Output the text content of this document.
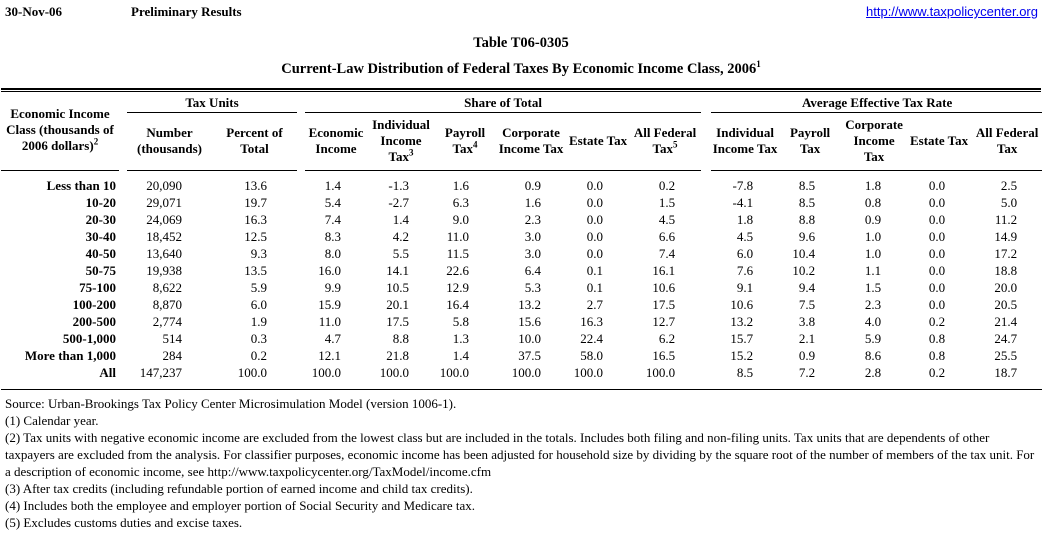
30-Nov-06	Preliminary Results	http://www.taxpolicycenter.org
Table T06-0305
Current-Law Distribution of Federal Taxes By Economic Income Class, 2006$^1$
Economic Income Class (thousands of 2006 dollars)$^2$		Tax Units			Share of Total							Average Effective Tax Rate				
		Number (thousands)	Percent of Total		Economic Income	Individual Income Tax$^3$	Payroll Tax$^4$	Corporate Income Tax	Estate Tax	All Federal Tax$^5$		Individual Income Tax	Payroll Tax	Corporate Income Tax	Estate Tax	All Federal Tax
Less than 10		20,090	13.6		1.4	-1.3	1.6	0.9	0.0	0.2		-7.8	8.5	1.8	0.0	2.5
10-20		29,071	19.7		5.4	-2.7	6.3	1.6	0.0	1.5		-4.1	8.5	0.8	0.0	5.0
20-30		24,069	16.3		7.4	1.4	9.0	2.3	0.0	4.5		1.8	8.8	0.9	0.0	11.2
30-40		18,452	12.5		8.3	4.2	11.0	3.0	0.0	6.6		4.5	9.6	1.0	0.0	14.9
40-50		13,640	9.3		8.0	5.5	11.5	3.0	0.0	7.4		6.0	10.4	1.0	0.0	17.2
50-75		19,938	13.5		16.0	14.1	22.6	6.4	0.1	16.1		7.6	10.2	1.1	0.0	18.8
75-100		8,622	5.9		9.9	10.5	12.9	5.3	0.1	10.6		9.1	9.4	1.5	0.0	20.0
100-200		8,870	6.0		15.9	20.1	16.4	13.2	2.7	17.5		10.6	7.5	2.3	0.0	20.5
200-500		2,774	1.9		11.0	17.5	5.8	15.6	16.3	12.7		13.2	3.8	4.0	0.2	21.4
500-1,000		514	0.3		4.7	8.8	1.3	10.0	22.4	6.2		15.7	2.1	5.9	0.8	24.7
More than 1,000		284	0.2		12.1	21.8	1.4	37.5	58.0	16.5		15.2	0.9	8.6	0.8	25.5
All		147,237	100.0		100.0	100.0	100.0	100.0	100.0	100.0		8.5	7.2	2.8	0.2	18.7
Source: Urban-Brookings Tax Policy Center Microsimulation Model (version 1006-1).
(1) Calendar year.
(2) Tax units with negative economic income are excluded from the lowest class but are included in the totals. Includes both filing and non-filing units. Tax units that are dependents of other taxpayers are excluded from the analysis. For classifier purposes, economic income has been adjusted for household size by dividing by the square root of the number of members of the tax unit. For a description of economic income, see http://www.taxpolicycenter.org/TaxModel/income.cfm
(3) After tax credits (including refundable portion of earned income and child tax credits).
(4) Includes both the employee and employer portion of Social Security and Medicare tax.
(5) Excludes customs duties and excise taxes.
